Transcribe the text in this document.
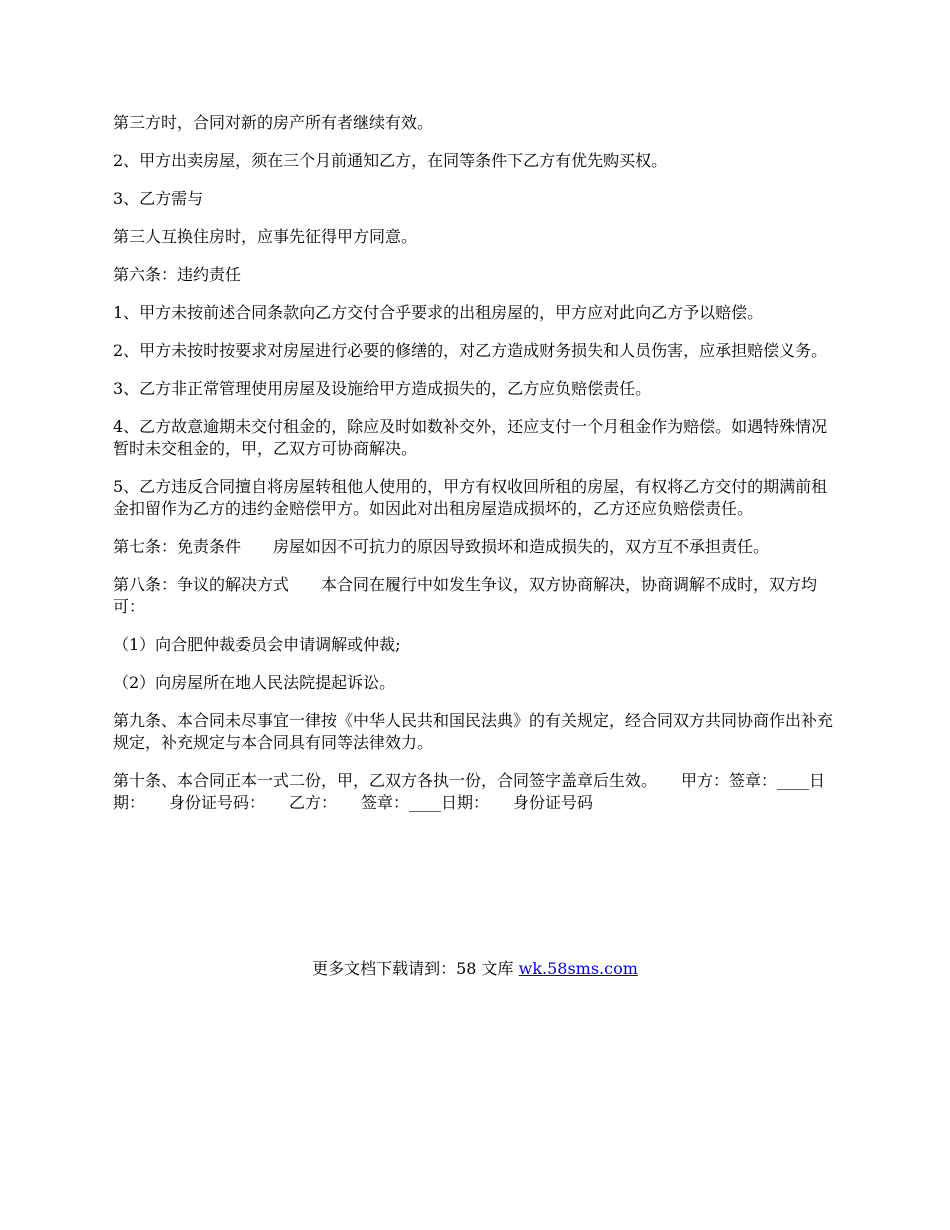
第三方时，合同对新的房产所有者继续有效。

2、甲方出卖房屋，须在三个月前通知乙方，在同等条件下乙方有优先购买权。

3、乙方需与

第三人互换住房时，应事先征得甲方同意。

第六条：违约责任

1、甲方未按前述合同条款向乙方交付合乎要求的出租房屋的，甲方应对此向乙方予以赔偿。

2、甲方未按时按要求对房屋进行必要的修缮的，对乙方造成财务损失和人员伤害，应承担赔偿义务。

3、乙方非正常管理使用房屋及设施给甲方造成损失的，乙方应负赔偿责任。

4、乙方故意逾期未交付租金的，除应及时如数补交外，还应支付一个月租金作为赔偿。如遇特殊情况暂时未交租金的，甲，乙双方可协商解决。

5、乙方违反合同擅自将房屋转租他人使用的，甲方有权收回所租的房屋，有权将乙方交付的期满前租金扣留作为乙方的违约金赔偿甲方。如因此对出租房屋造成损坏的，乙方还应负赔偿责任。

第七条：免责条件　　房屋如因不可抗力的原因导致损坏和造成损失的，双方互不承担责任。

第八条：争议的解决方式　　本合同在履行中如发生争议，双方协商解决，协商调解不成时，双方均可：

（1）向合肥仲裁委员会申请调解或仲裁;

（2）向房屋所在地人民法院提起诉讼。

第九条、本合同未尽事宜一律按《中华人民共和国民法典》的有关规定，经合同双方共同协商作出补充规定，补充规定与本合同具有同等法律效力。

第十条、本合同正本一式二份，甲，乙双方各执一份，合同签字盖章后生效。　　甲方：签章：____日期：　　身份证号码：　　乙方：　　签章：____日期：　　身份证号码

更多文档下载请到：58 文库 wk.58sms.com
